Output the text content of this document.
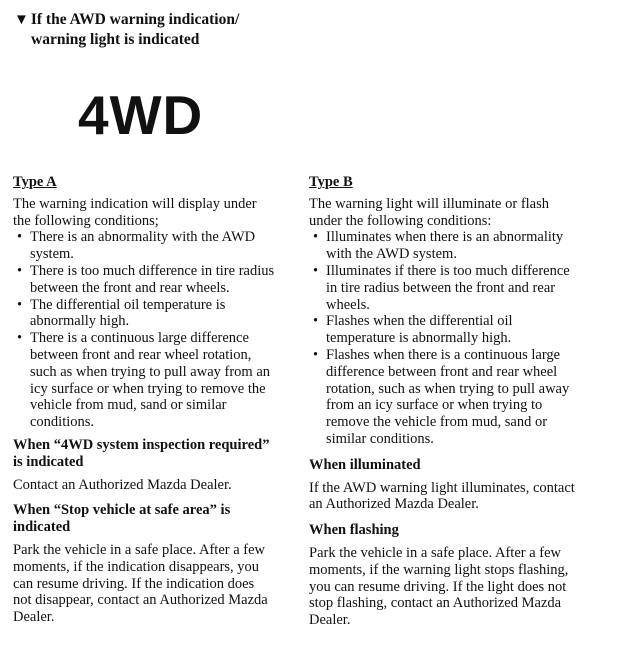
▼ If the AWD warning indication/
warning light is indicated
4WD

Type A

The warning indication will display under the following conditions;

• There is an abnormality with the AWD system.
• There is too much difference in tire radius between the front and rear wheels.
• The differential oil temperature is abnormally high.
• There is a continuous large difference between front and rear wheel rotation, such as when trying to pull away from an icy surface or when trying to remove the vehicle from mud, sand or similar conditions.

When “4WD system inspection required” is indicated

Contact an Authorized Mazda Dealer.

When “Stop vehicle at safe area” is indicated

Park the vehicle in a safe place. After a few moments, if the indication disappears, you can resume driving. If the indication does not disappear, contact an Authorized Mazda Dealer.

Type B

The warning light will illuminate or flash under the following conditions:

• Illuminates when there is an abnormality with the AWD system.
• Illuminates if there is too much difference in tire radius between the front and rear wheels.
• Flashes when the differential oil temperature is abnormally high.
• Flashes when there is a continuous large difference between front and rear wheel rotation, such as when trying to pull away from an icy surface or when trying to remove the vehicle from mud, sand or similar conditions.

When illuminated

If the AWD warning light illuminates, contact an Authorized Mazda Dealer.

When flashing

Park the vehicle in a safe place. After a few moments, if the warning light stops flashing, you can resume driving. If the light does not stop flashing, contact an Authorized Mazda Dealer.
